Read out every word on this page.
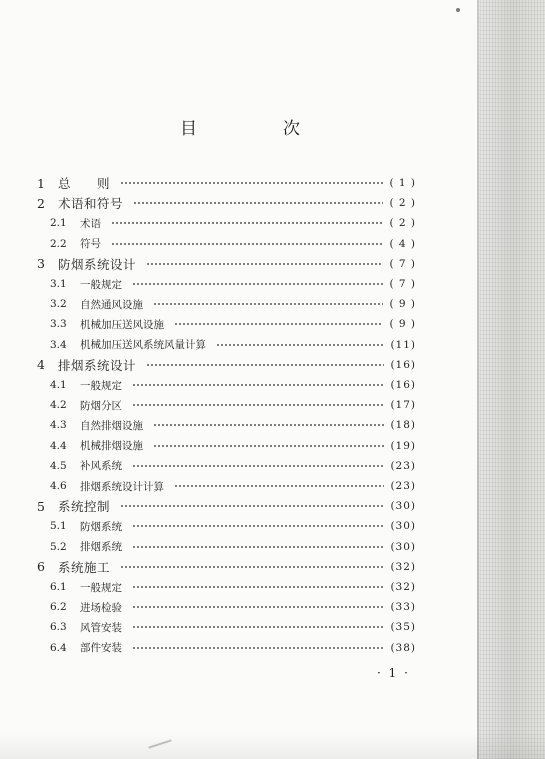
目	次
1 总　　则	( 1 )
2 术语和符号	( 2 )
2.1 术语	( 2 )
2.2 符号	( 4 )
3 防烟系统设计	( 7 )
3.1 一般规定	( 7 )
3.2 自然通风设施	( 9 )
3.3 机械加压送风设施	( 9 )
3.4 机械加压送风系统风量计算	(11)
4 排烟系统设计	(16)
4.1 一般规定	(16)
4.2 防烟分区	(17)
4.3 自然排烟设施	(18)
4.4 机械排烟设施	(19)
4.5 补风系统	(23)
4.6 排烟系统设计计算	(23)
5 系统控制	(30)
5.1 防烟系统	(30)
5.2 排烟系统	(30)
6 系统施工	(32)
6.1 一般规定	(32)
6.2 进场检验	(33)
6.3 风管安装	(35)
6.4 部件安装	(38)
· 1 ·
